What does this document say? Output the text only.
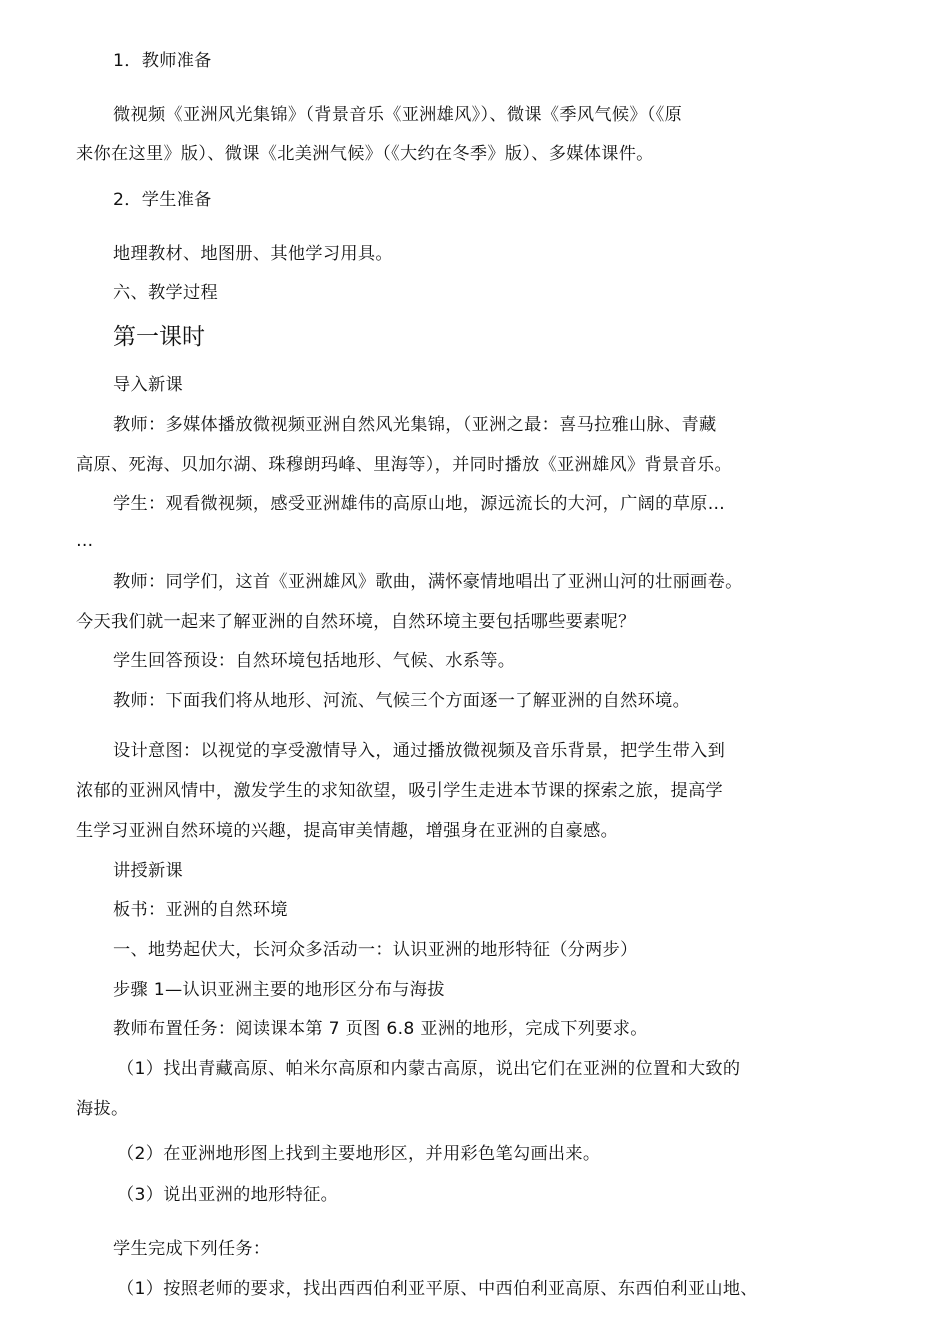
1．教师准备
微视频《亚洲风光集锦》（背景音乐《亚洲雄风》）、微课《季风气候》（《原
来你在这里》版）、微课《北美洲气候》（《大约在冬季》版）、多媒体课件。
2．学生准备
地理教材、地图册、其他学习用具。
六、教学过程
第一课时
导入新课
教师：多媒体播放微视频亚洲自然风光集锦，（亚洲之最：喜马拉雅山脉、青藏
高原、死海、贝加尔湖、珠穆朗玛峰、里海等），并同时播放《亚洲雄风》背景音乐。
学生：观看微视频，感受亚洲雄伟的高原山地，源远流长的大河，广阔的草原…
…
教师：同学们，这首《亚洲雄风》歌曲，满怀豪情地唱出了亚洲山河的壮丽画卷。
今天我们就一起来了解亚洲的自然环境，自然环境主要包括哪些要素呢？
学生回答预设：自然环境包括地形、气候、水系等。
教师：下面我们将从地形、河流、气候三个方面逐一了解亚洲的自然环境。
设计意图：以视觉的享受激情导入，通过播放微视频及音乐背景，把学生带入到
浓郁的亚洲风情中，激发学生的求知欲望，吸引学生走进本节课的探索之旅，提高学
生学习亚洲自然环境的兴趣，提高审美情趣，增强身在亚洲的自豪感。
讲授新课
板书：亚洲的自然环境
一、地势起伏大，长河众多活动一：认识亚洲的地形特征（分两步）
步骤 1—认识亚洲主要的地形区分布与海拔
教师布置任务：阅读课本第 7 页图 6.8 亚洲的地形，完成下列要求。
（1）找出青藏高原、帕米尔高原和内蒙古高原，说出它们在亚洲的位置和大致的
海拔。
（2）在亚洲地形图上找到主要地形区，并用彩色笔勾画出来。
（3）说出亚洲的地形特征。
学生完成下列任务：
（1）按照老师的要求，找出西西伯利亚平原、中西伯利亚高原、东西伯利亚山地、
